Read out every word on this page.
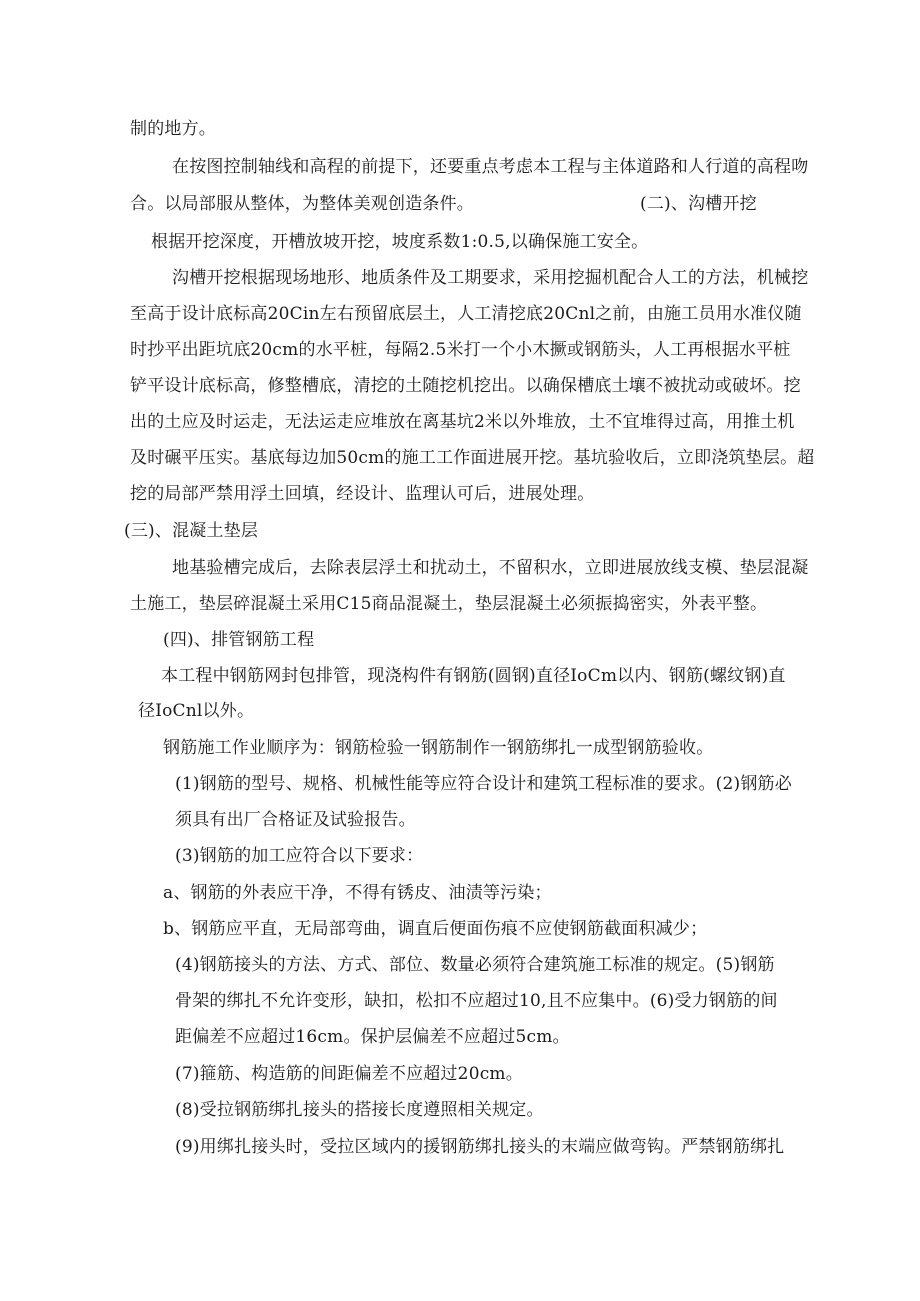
制的地方。
在按图控制轴线和高程的前提下，还要重点考虑本工程与主体道路和人行道的高程吻
合。以局部服从整体，为整体美观创造条件。	(二)、沟槽开挖
根据开挖深度，开槽放坡开挖，坡度系数1:0.5,以确保施工安全。
沟槽开挖根据现场地形、地质条件及工期要求，采用挖掘机配合人工的方法，机械挖
至高于设计底标高20Cin左右预留底层土，人工清挖底20Cnl之前，由施工员用水准仪随
时抄平出距坑底20cm的水平桩，每隔2.5米打一个小木撅或钢筋头，人工再根据水平桩
铲平设计底标高，修整槽底，清挖的土随挖机挖出。以确保槽底土壤不被扰动或破坏。挖
出的土应及时运走，无法运走应堆放在离基坑2米以外堆放，土不宜堆得过高，用推土机
及时碾平压实。基底每边加50cm的施工工作面进展开挖。基坑验收后，立即浇筑垫层。超
挖的局部严禁用浮土回填，经设计、监理认可后，进展处理。
(三)、混凝土垫层
地基验槽完成后，去除表层浮土和扰动土，不留积水，立即进展放线支模、垫层混凝
土施工，垫层碎混凝土采用C15商品混凝土，垫层混凝土必须振捣密实，外表平整。
(四)、排管钢筋工程
本工程中钢筋网封包排管，现浇构件有钢筋(圆钢)直径IoCm以内、钢筋(螺纹钢)直
径IoCnl以外。
钢筋施工作业顺序为：钢筋检验一钢筋制作一钢筋绑扎一成型钢筋验收。
(1)钢筋的型号、规格、机械性能等应符合设计和建筑工程标准的要求。(2)钢筋必
须具有出厂合格证及试验报告。
(3)钢筋的加工应符合以下要求：
a、钢筋的外表应干净，不得有锈皮、油渍等污染；
b、钢筋应平直，无局部弯曲，调直后便面伤痕不应使钢筋截面积减少；
(4)钢筋接头的方法、方式、部位、数量必须符合建筑施工标准的规定。(5)钢筋
骨架的绑扎不允许变形，缺扣，松扣不应超过10,且不应集中。(6)受力钢筋的间
距偏差不应超过16cm。保护层偏差不应超过5cm。
(7)箍筋、构造筋的间距偏差不应超过20cm。
(8)受拉钢筋绑扎接头的搭接长度遵照相关规定。
(9)用绑扎接头时，受拉区域内的援钢筋绑扎接头的末端应做弯钩。严禁钢筋绑扎
